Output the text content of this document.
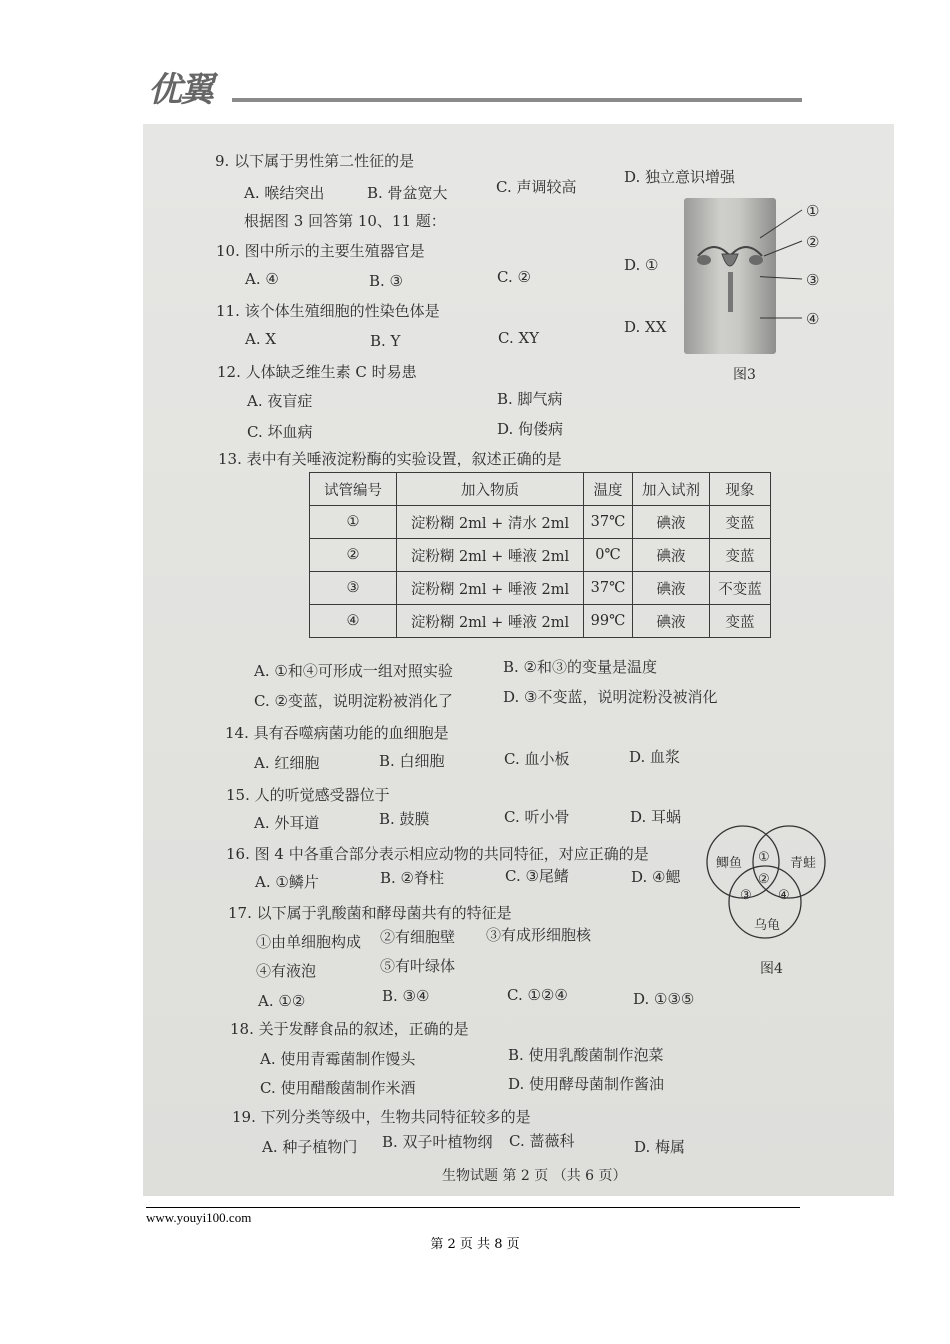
优翼
9. 以下属于男性第二性征的是
A. 喉结突出	B. 骨盆宽大	C. 声调较高
D. 独立意识增强
根据图 3 回答第 10、11 题：
10. 图中所示的主要生殖器官是
A. ④	B. ③	C. ②
D. ①
11. 该个体生殖细胞的性染色体是
A. X	B. Y	C. XY
D. XX
①
②
③
④
图3
12. 人体缺乏维生素 C 时易患
A. 夜盲症	B. 脚气病
C. 坏血病	D. 佝偻病
13. 表中有关唾液淀粉酶的实验设置，叙述正确的是
试管编号	加入物质	温度	加入试剂	现象
①	淀粉糊 2ml + 清水 2ml	37℃	碘液	变蓝
②	淀粉糊 2ml + 唾液 2ml	0℃	碘液	变蓝
③	淀粉糊 2ml + 唾液 2ml	37℃	碘液	不变蓝
④	淀粉糊 2ml + 唾液 2ml	99℃	碘液	变蓝
A. ①和④可形成一组对照实验	B. ②和③的变量是温度
C. ②变蓝，说明淀粉被消化了	D. ③不变蓝，说明淀粉没被消化
14. 具有吞噬病菌功能的血细胞是
A. 红细胞	B. 白细胞	C. 血小板	D. 血浆
15. 人的听觉感受器位于
A. 外耳道	B. 鼓膜	C. 听小骨	D. 耳蜗
16. 图 4 中各重合部分表示相应动物的共同特征，对应正确的是
A. ①鳞片	B. ②脊柱	C. ③尾鳍	D. ④鳃
鲫鱼	青蛙
乌龟
①
②
③ ④
图4
17. 以下属于乳酸菌和酵母菌共有的特征是
①由单细胞构成 ②有细胞壁 ③有成形细胞核
④有液泡	⑤有叶绿体
A. ①②	B. ③④	C. ①②④	D. ①③⑤
18. 关于发酵食品的叙述，正确的是
A. 使用青霉菌制作馒头	B. 使用乳酸菌制作泡菜
C. 使用醋酸菌制作米酒	D. 使用酵母菌制作酱油
19. 下列分类等级中，生物共同特征较多的是
A. 种子植物门 B. 双子叶植物纲 C. 蔷薇科	D. 梅属
生物试题 第 2 页 （共 6 页）
www.youyi100.com
第 2 页 共 8 页
